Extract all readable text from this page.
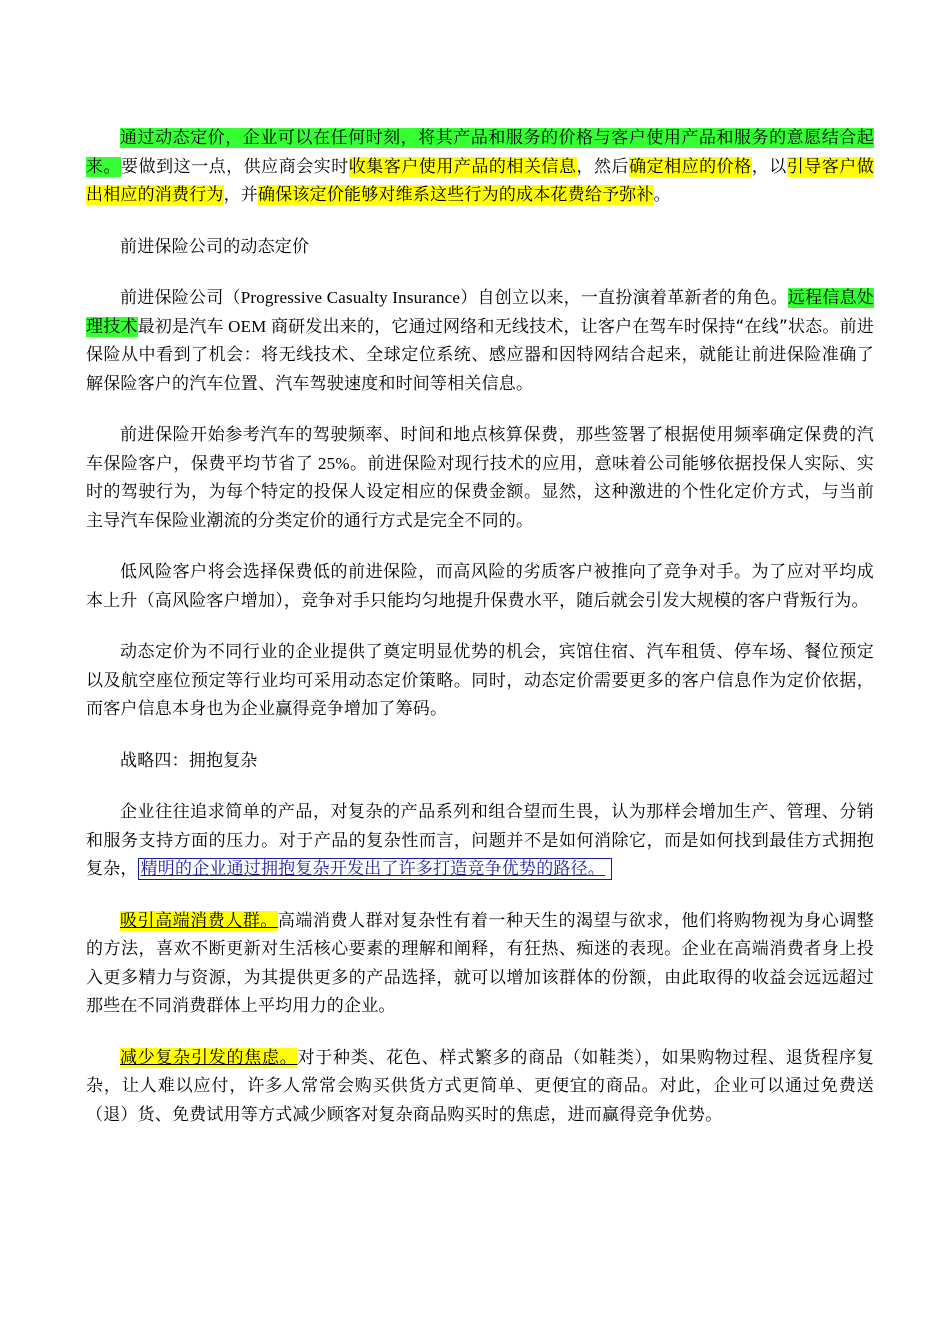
通过动态定价，企业可以在任何时刻，将其产品和服务的价格与客户使用产品和服务的意愿结合起来。要做到这一点，供应商会实时收集客户使用产品的相关信息，然后确定相应的价格，以引导客户做出相应的消费行为，并确保该定价能够对维系这些行为的成本花费给予弥补。

前进保险公司的动态定价

前进保险公司（Progressive Casualty Insurance）自创立以来，一直扮演着革新者的角色。远程信息处理技术最初是汽车 OEM 商研发出来的，它通过网络和无线技术，让客户在驾车时保持“在线”状态。前进保险从中看到了机会：将无线技术、全球定位系统、感应器和因特网结合起来，就能让前进保险准确了解保险客户的汽车位置、汽车驾驶速度和时间等相关信息。

前进保险开始参考汽车的驾驶频率、时间和地点核算保费，那些签署了根据使用频率确定保费的汽车保险客户，保费平均节省了 25%。前进保险对现行技术的应用，意味着公司能够依据投保人实际、实时的驾驶行为，为每个特定的投保人设定相应的保费金额。显然，这种激进的个性化定价方式，与当前主导汽车保险业潮流的分类定价的通行方式是完全不同的。

低风险客户将会选择保费低的前进保险，而高风险的劣质客户被推向了竞争对手。为了应对平均成本上升（高风险客户增加），竞争对手只能均匀地提升保费水平，随后就会引发大规模的客户背叛行为。

动态定价为不同行业的企业提供了奠定明显优势的机会，宾馆住宿、汽车租赁、停车场、餐位预定以及航空座位预定等行业均可采用动态定价策略。同时，动态定价需要更多的客户信息作为定价依据，而客户信息本身也为企业赢得竞争增加了筹码。

战略四：拥抱复杂

企业往往追求简单的产品，对复杂的产品系列和组合望而生畏，认为那样会增加生产、管理、分销和服务支持方面的压力。对于产品的复杂性而言，问题并不是如何消除它，而是如何找到最佳方式拥抱复杂， 精明的企业通过拥抱复杂开发出了许多打造竞争优势的路径。

吸引高端消费人群。高端消费人群对复杂性有着一种天生的渴望与欲求，他们将购物视为身心调整的方法，喜欢不断更新对生活核心要素的理解和阐释，有狂热、痴迷的表现。企业在高端消费者身上投入更多精力与资源，为其提供更多的产品选择，就可以增加该群体的份额，由此取得的收益会远远超过那些在不同消费群体上平均用力的企业。

减少复杂引发的焦虑。对于种类、花色、样式繁多的商品（如鞋类），如果购物过程、退货程序复杂，让人难以应付，许多人常常会购买供货方式更简单、更便宜的商品。对此，企业可以通过免费送（退）货、免费试用等方式减少顾客对复杂商品购买时的焦虑，进而赢得竞争优势。
